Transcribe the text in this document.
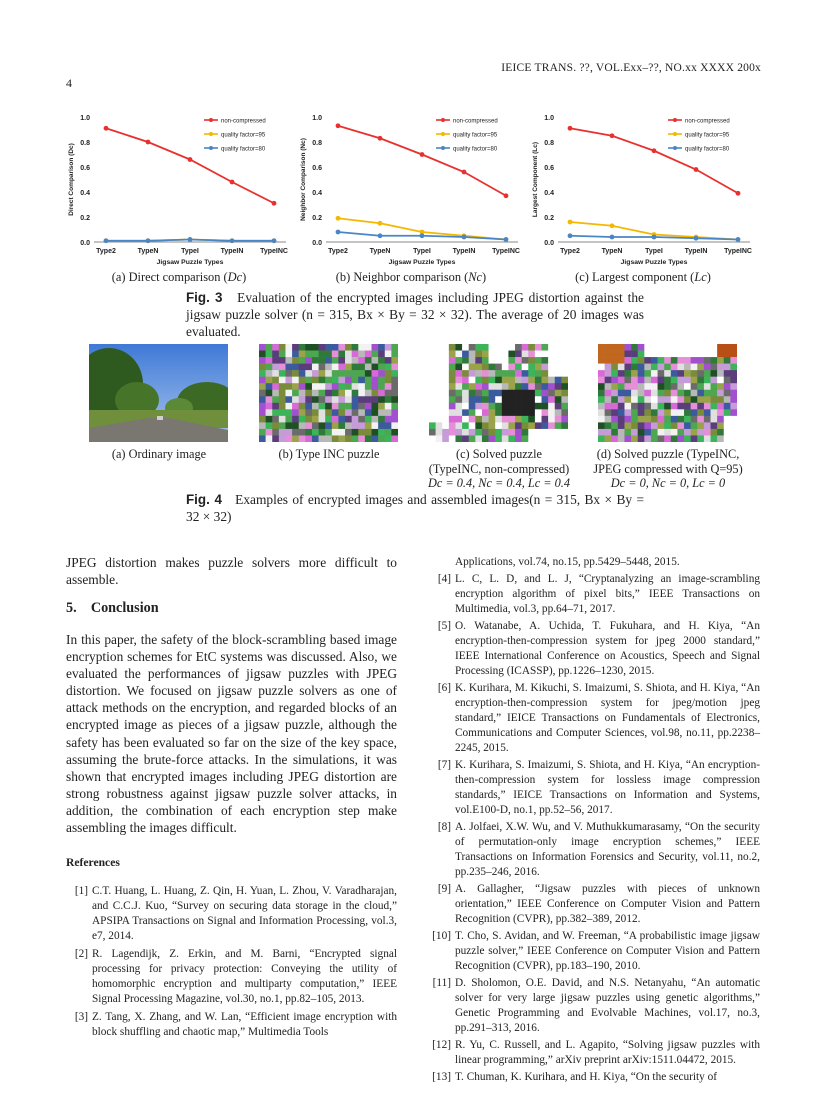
4
IEICE TRANS. ??, VOL.Exx–??, NO.xx XXXX 200x
0.0
0.2
0.4
0.6
0.8
1.0
Type2	TypeN	TypeI	TypeIN TypeINC
Jigsaw Puzzle Types
Direct Comparison (Dc)
non-compressed
quality factor=95
quality factor=80
0.0
0.2
0.4
0.6
0.8
1.0
Type2	TypeN	TypeI	TypeIN TypeINC
Jigsaw Puzzle Types
Neighbor Comparison (Nc)
non-compressed
quality factor=95
quality factor=80
0.0
0.2
0.4
0.6
0.8
1.0
Type2	TypeN	TypeI	TypeIN TypeINC
Jigsaw Puzzle Types
Largest Component (Lc)
non-compressed
quality factor=95
quality factor=80
(a) Direct comparison (Dc)	(b) Neighbor comparison (Nc)	(c) Largest component (Lc)
Fig. 3 Evaluation of the encrypted images including JPEG distortion against the jigsaw puzzle solver (n = 315, Bx × By = 32 × 32). The average of 20 images was evaluated.
(a) Ordinary image	(b) Type INC puzzle	(c) Solved puzzle
(TypeINC, non-compressed)
Dc = 0.4, Nc = 0.4, Lc = 0.4
(d) Solved puzzle (TypeINC,
JPEG compressed with Q=95)
Dc = 0, Nc = 0, Lc = 0
Fig. 4 Examples of encrypted images and assembled images(n = 315, Bx × By = 32 × 32)
JPEG distortion makes puzzle solvers more difficult to assemble.
5. Conclusion
In this paper, the safety of the block-scrambling based image encryption schemes for EtC systems was discussed. Also, we evaluated the performances of jigsaw puzzles with JPEG distortion. We focused on jigsaw puzzle solvers as one of attack methods on the encryption, and regarded blocks of an encrypted image as pieces of a jigsaw puzzle, although the safety has been evaluated so far on the size of the key space, assuming the brute-force attacks. In the simulations, it was shown that encrypted images including JPEG distortion are strong robustness against jigsaw puzzle solver attacks, in addition, the combination of each encryption step make assembling the images difficult.
References
[1] C.T. Huang, L. Huang, Z. Qin, H. Yuan, L. Zhou, V. Varadharajan, and C.C.J. Kuo, “Survey on securing data storage in the cloud,” APSIPA Transactions on Signal and Information Processing, vol.3, e7, 2014.
[2] R. Lagendijk, Z. Erkin, and M. Barni, “Encrypted signal processing for privacy protection: Conveying the utility of homomorphic encryption and multiparty computation,” IEEE Signal Processing Magazine, vol.30, no.1, pp.82–105, 2013.
[3] Z. Tang, X. Zhang, and W. Lan, “Efficient image encryption with block shuffling and chaotic map,” Multimedia Tools
Applications, vol.74, no.15, pp.5429–5448, 2015.
[4] L. C, L. D, and L. J, “Cryptanalyzing an image-scrambling encryption algorithm of pixel bits,” IEEE Transactions on Multimedia, vol.3, pp.64–71, 2017.
[5] O. Watanabe, A. Uchida, T. Fukuhara, and H. Kiya, “An encryption-then-compression system for jpeg 2000 standard,” IEEE International Conference on Acoustics, Speech and Signal Processing (ICASSP), pp.1226–1230, 2015.
[6] K. Kurihara, M. Kikuchi, S. Imaizumi, S. Shiota, and H. Kiya, “An encryption-then-compression system for jpeg/motion jpeg standard,” IEICE Transactions on Fundamentals of Electronics, Communications and Computer Sciences, vol.98, no.11, pp.2238–2245, 2015.
[7] K. Kurihara, S. Imaizumi, S. Shiota, and H. Kiya, “An encryption-then-compression system for lossless image compression standards,” IEICE Transactions on Information and Systems, vol.E100-D, no.1, pp.52–56, 2017.
[8] A. Jolfaei, X.W. Wu, and V. Muthukkumarasamy, “On the security of permutation-only image encryption schemes,” IEEE Transactions on Information Forensics and Security, vol.11, no.2, pp.235–246, 2016.
[9] A. Gallagher, “Jigsaw puzzles with pieces of unknown orientation,” IEEE Conference on Computer Vision and Pattern Recognition (CVPR), pp.382–389, 2012.
[10] T. Cho, S. Avidan, and W. Freeman, “A probabilistic image jigsaw puzzle solver,” IEEE Conference on Computer Vision and Pattern Recognition (CVPR), pp.183–190, 2010.
[11] D. Sholomon, O.E. David, and N.S. Netanyahu, “An automatic solver for very large jigsaw puzzles using genetic algorithms,” Genetic Programming and Evolvable Machines, vol.17, no.3, pp.291–313, 2016.
[12] R. Yu, C. Russell, and L. Agapito, “Solving jigsaw puzzles with linear programming,” arXiv preprint arXiv:1511.04472, 2015.
[13] T. Chuman, K. Kurihara, and H. Kiya, “On the security of
